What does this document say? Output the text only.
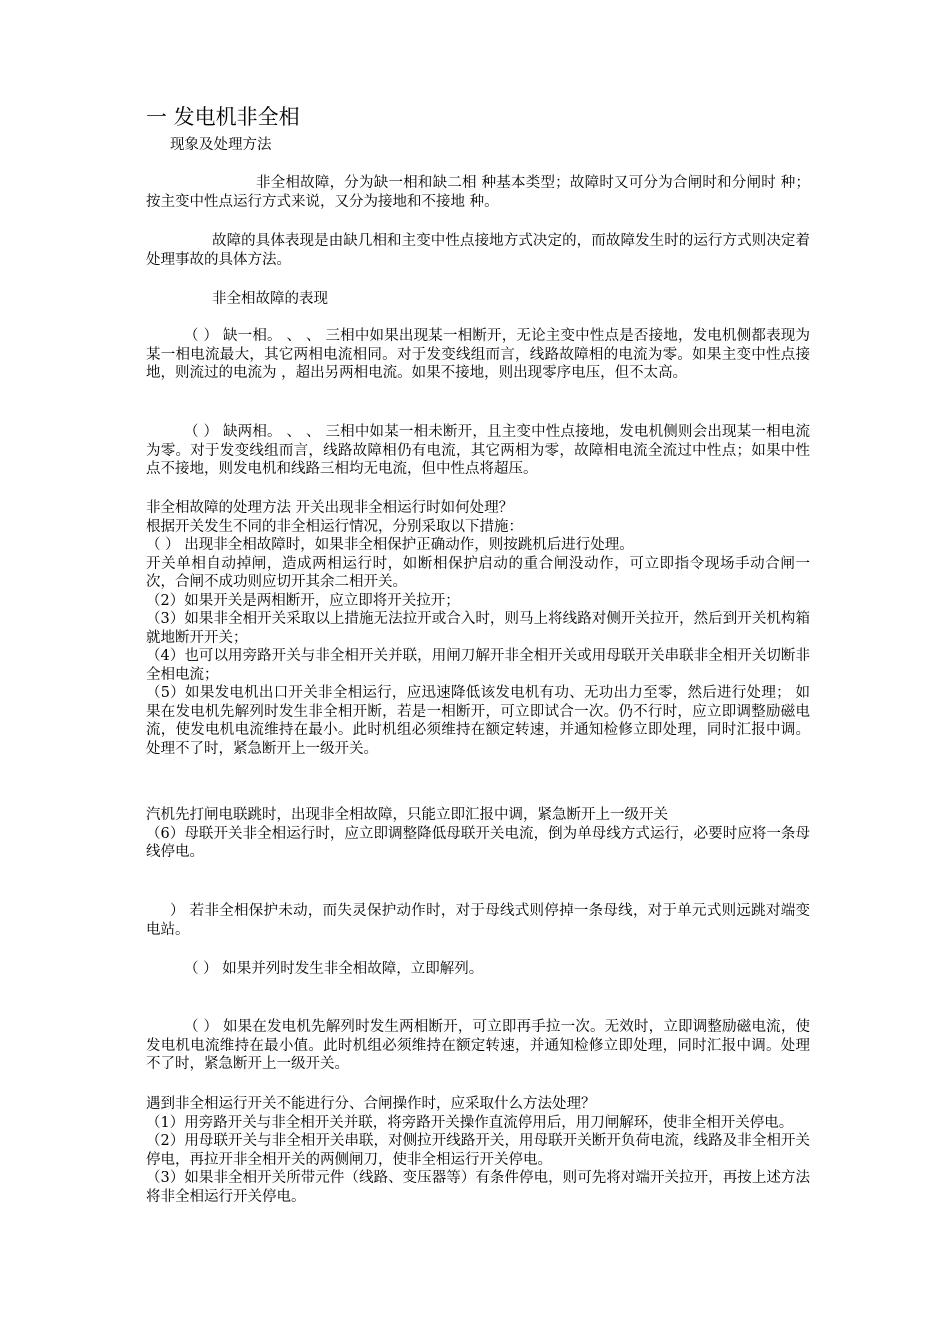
一 发电机非全相
现象及处理方法

非全相故障，分为缺一相和缺二相 种基本类型；故障时又可分为合闸时和分闸时 种；按主变中性点运行方式来说，又分为接地和不接地 种。

故障的具体表现是由缺几相和主变中性点接地方式决定的，而故障发生时的运行方式则决定着处理事故的具体方法。

非全相故障的表现

（ ） 缺一相。 、 、 三相中如果出现某一相断开，无论主变中性点是否接地，发电机侧都表现为某一相电流最大，其它两相电流相同。对于发变线组而言，线路故障相的电流为零。如果主变中性点接地，则流过的电流为 ，超出另两相电流。如果不接地，则出现零序电压，但不太高。

（ ） 缺两相。 、 、 三相中如某一相未断开，且主变中性点接地，发电机侧则会出现某一相电流为零。对于发变线组而言，线路故障相仍有电流，其它两相为零，故障相电流全流过中性点；如果中性点不接地，则发电机和线路三相均无电流，但中性点将超压。

非全相故障的处理方法 开关出现非全相运行时如何处理？
根据开关发生不同的非全相运行情况，分别采取以下措施：
（ ） 出现非全相故障时，如果非全相保护正确动作，则按跳机后进行处理。
开关单相自动掉闸，造成两相运行时，如断相保护启动的重合闸没动作，可立即指令现场手动合闸一次，合闸不成功则应切开其余二相开关。
（2）如果开关是两相断开，应立即将开关拉开；
（3）如果非全相开关采取以上措施无法拉开或合入时，则马上将线路对侧开关拉开，然后到开关机构箱就地断开开关；
（4）也可以用旁路开关与非全相开关并联，用闸刀解开非全相开关或用母联开关串联非全相开关切断非全相电流；
（5）如果发电机出口开关非全相运行，应迅速降低该发电机有功、无功出力至零，然后进行处理； 如果在发电机先解列时发生非全相开断，若是一相断开，可立即试合一次。仍不行时，应立即调整励磁电流，使发电机电流维持在最小。此时机组必须维持在额定转速，并通知检修立即处理，同时汇报中调。处理不了时，紧急断开上一级开关。

汽机先打闸电联跳时，出现非全相故障，只能立即汇报中调，紧急断开上一级开关
（6）母联开关非全相运行时，应立即调整降低母联开关电流，倒为单母线方式运行，必要时应将一条母线停电。

） 若非全相保护未动，而失灵保护动作时，对于母线式则停掉一条母线，对于单元式则远跳对端变电站。

（ ） 如果并列时发生非全相故障，立即解列。

（ ） 如果在发电机先解列时发生两相断开，可立即再手拉一次。无效时，立即调整励磁电流，使发电机电流维持在最小值。此时机组必须维持在额定转速，并通知检修立即处理，同时汇报中调。处理不了时，紧急断开上一级开关。

遇到非全相运行开关不能进行分、合闸操作时，应采取什么方法处理？
（1）用旁路开关与非全相开关并联，将旁路开关操作直流停用后，用刀闸解环，使非全相开关停电。
（2）用母联开关与非全相开关串联，对侧拉开线路开关，用母联开关断开负荷电流，线路及非全相开关停电，再拉开非全相开关的两侧闸刀，使非全相运行开关停电。
（3）如果非全相开关所带元件（线路、变压器等）有条件停电，则可先将对端开关拉开，再按上述方法将非全相运行开关停电。
